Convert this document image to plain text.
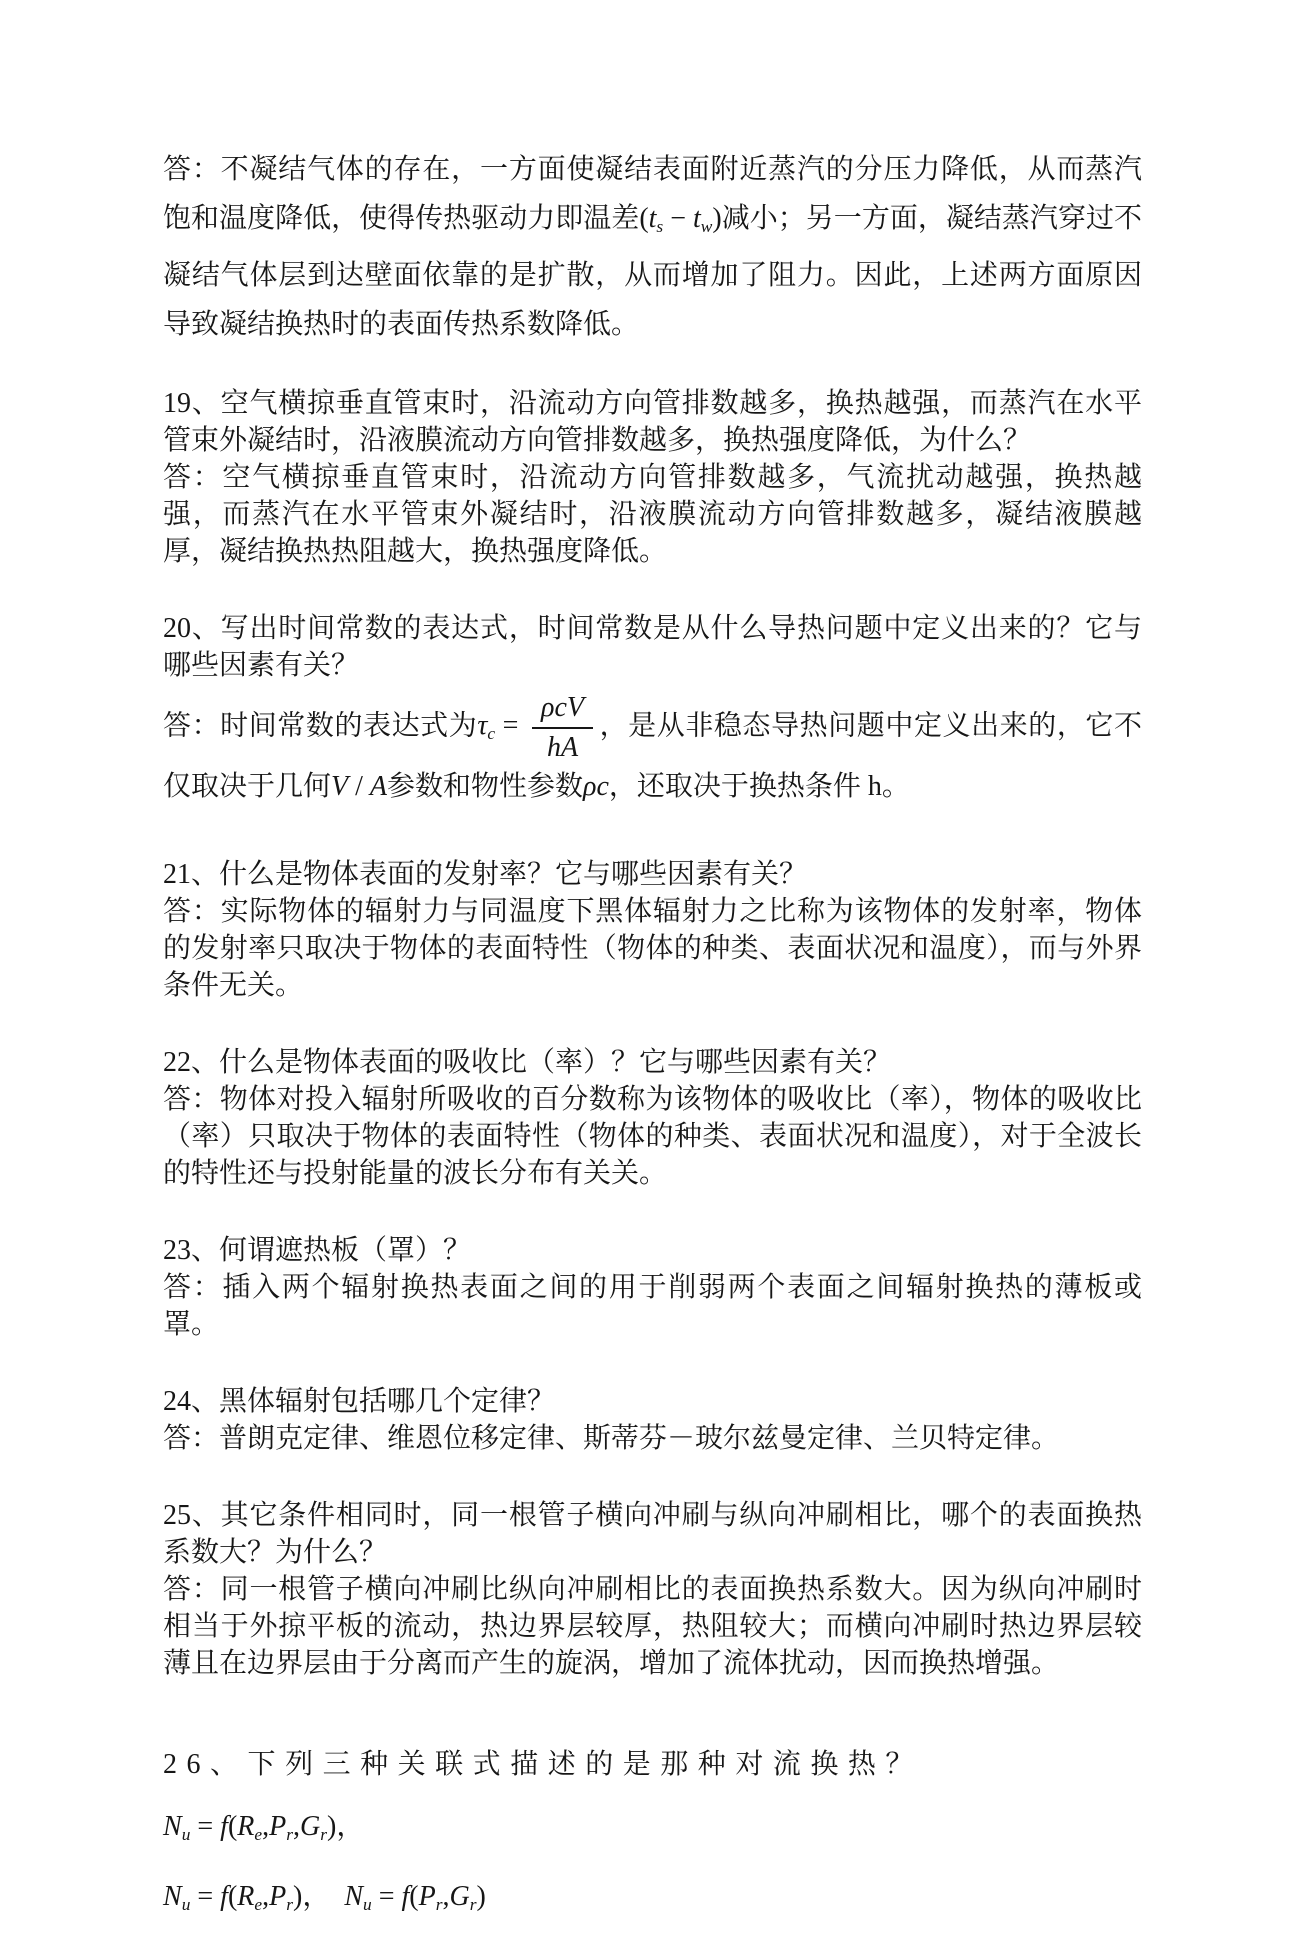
答：不凝结气体的存在，一方面使凝结表面附近蒸汽的分压力降低，从而蒸汽饱和温度降低，使得传热驱动力即温差(ts − tw)减小；另一方面，凝结蒸汽穿过不凝结气体层到达壁面依靠的是扩散，从而增加了阻力。因此，上述两方面原因导致凝结换热时的表面传热系数降低。

19、空气横掠垂直管束时，沿流动方向管排数越多，换热越强，而蒸汽在水平管束外凝结时，沿液膜流动方向管排数越多，换热强度降低，为什么？

答：空气横掠垂直管束时，沿流动方向管排数越多，气流扰动越强，换热越强，而蒸汽在水平管束外凝结时，沿液膜流动方向管排数越多，凝结液膜越厚，凝结换热热阻越大，换热强度降低。

20、写出时间常数的表达式，时间常数是从什么导热问题中定义出来的？它与哪些因素有关？

答：时间常数的表达式为$\tau c = \frac{\text{ρcV}}{hA}$ ，是从非稳态导热问题中定义出来的，它不仅取决于几何V / A参数和物性参数ρc，还取决于换热条件 h。

21、什么是物体表面的发射率？它与哪些因素有关？

答：实际物体的辐射力与同温度下黑体辐射力之比称为该物体的发射率，物体的发射率只取决于物体的表面特性（物体的种类、表面状况和温度），而与外界条件无关。

22、什么是物体表面的吸收比（率）？它与哪些因素有关？

答：物体对投入辐射所吸收的百分数称为该物体的吸收比（率），物体的吸收比（率）只取决于物体的表面特性（物体的种类、表面状况和温度），对于全波长的特性还与投射能量的波长分布有关关。

23、何谓遮热板（罩）？

答：插入两个辐射换热表面之间的用于削弱两个表面之间辐射换热的薄板或罩。

24、黑体辐射包括哪几个定律？

答：普朗克定律、维恩位移定律、斯蒂芬－玻尔兹曼定律、兰贝特定律。

25、其它条件相同时，同一根管子横向冲刷与纵向冲刷相比，哪个的表面换热系数大？为什么？

答：同一根管子横向冲刷比纵向冲刷相比的表面换热系数大。因为纵向冲刷时相当于外掠平板的流动，热边界层较厚，热阻较大；而横向冲刷时热边界层较薄且在边界层由于分离而产生的旋涡，增加了流体扰动，因而换热增强。

26、下列三种关联式描述的是那种对流换热？　Nu = f(Re,Pr,Gr)，
Nu = f(Re,Pr)，　Nu = f(Pr,Gr)
